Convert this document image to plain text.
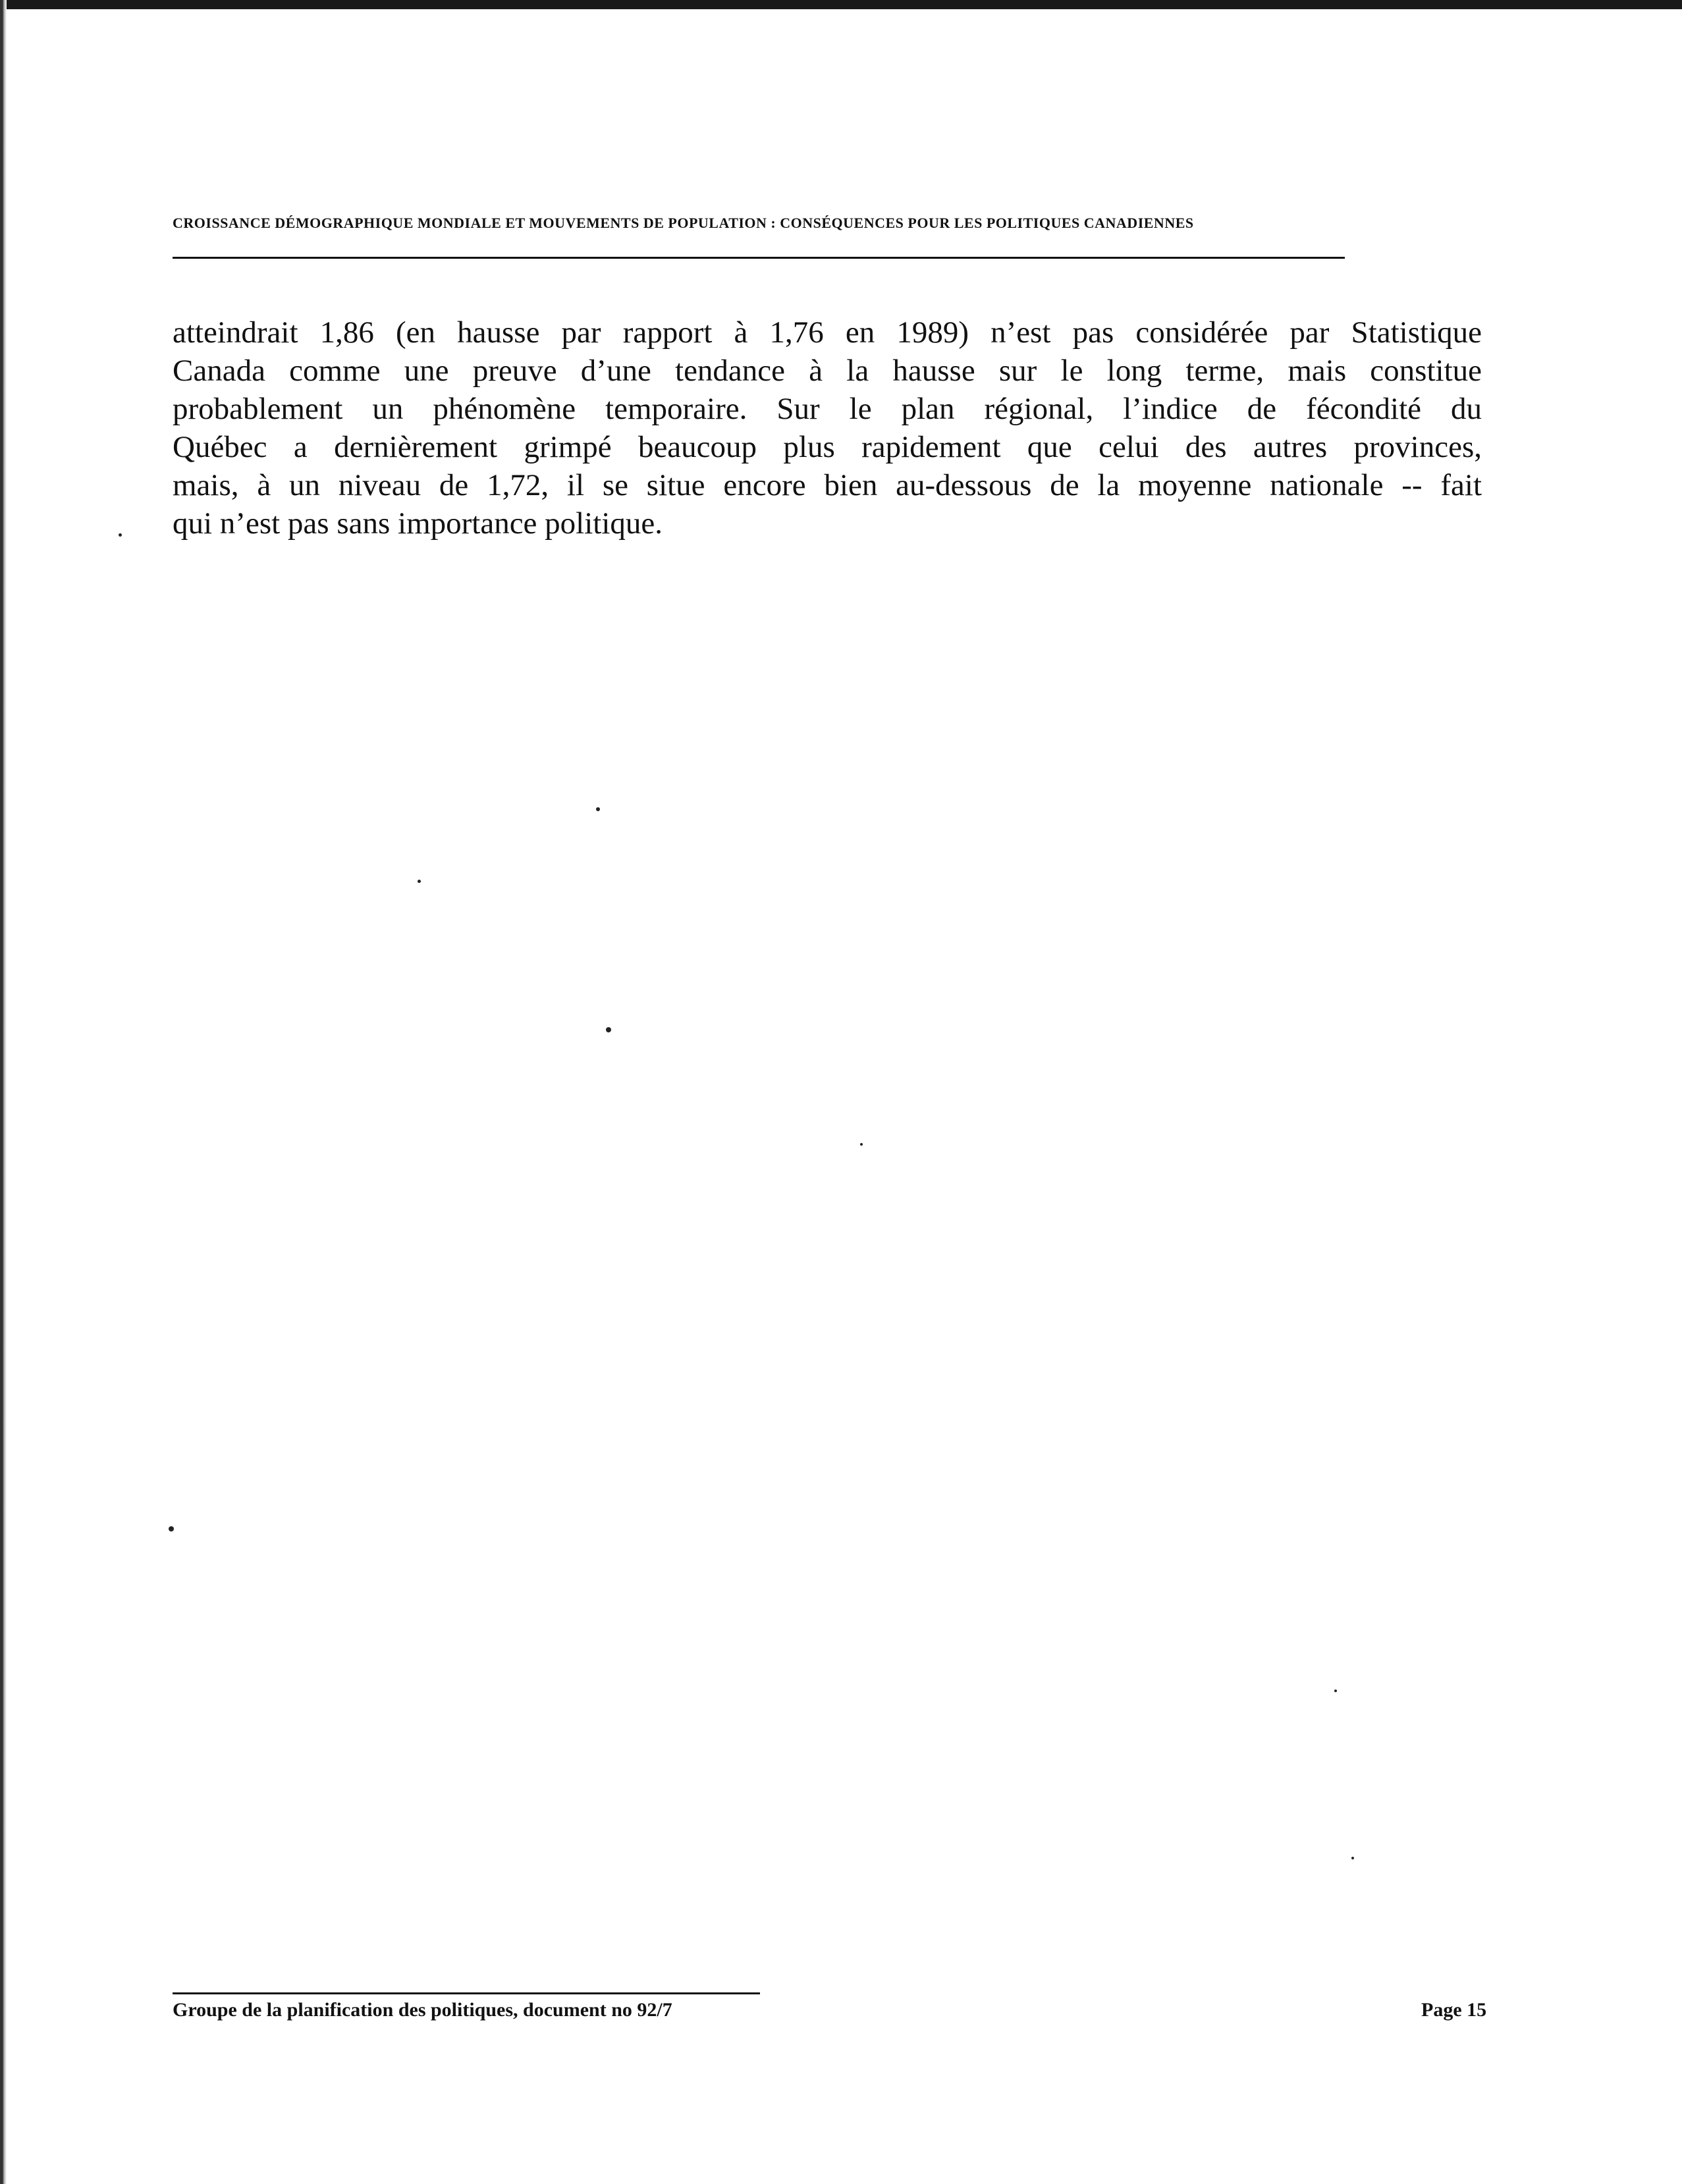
CROISSANCE DÉMOGRAPHIQUE MONDIALE ET MOUVEMENTS DE POPULATION : CONSÉQUENCES POUR LES POLITIQUES CANADIENNES

atteindrait 1,86 (en hausse par rapport à 1,76 en 1989) n’est pas considérée par Statistique
Canada comme une preuve d’une tendance à la hausse sur le long terme, mais constitue
probablement un phénomène temporaire. Sur le plan régional, l’indice de fécondité du
Québec a dernièrement grimpé beaucoup plus rapidement que celui des autres provinces,
mais, à un niveau de 1,72, il se situe encore bien au-dessous de la moyenne nationale -- fait
qui n’est pas sans importance politique.

Groupe de la planification des politiques, document no 92/7	Page 15
